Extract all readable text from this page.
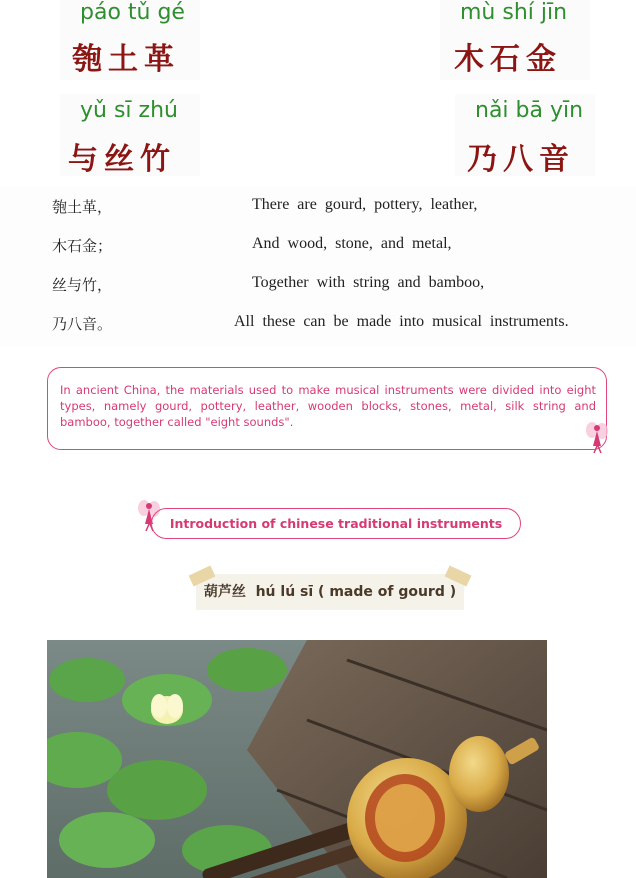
páo tǔ gé
匏土革
mù shí jīn
木石金
yǔ sī zhú
与丝竹
nǎi bā yīn
乃八音
匏土革，	There are gourd, pottery, leather,
木石金；	And wood, stone, and metal,
丝与竹，	Together with string and bamboo,
乃八音。	All these can be made into musical instruments.
In ancient China, the materials used to make musical instruments were divided into eight types, namely gourd, pottery, leather, wooden blocks, stones, metal, silk string and bamboo, together called "eight sounds".
Introduction of chinese traditional instruments
葫芦丝 hú lú sī ( made of gourd )
